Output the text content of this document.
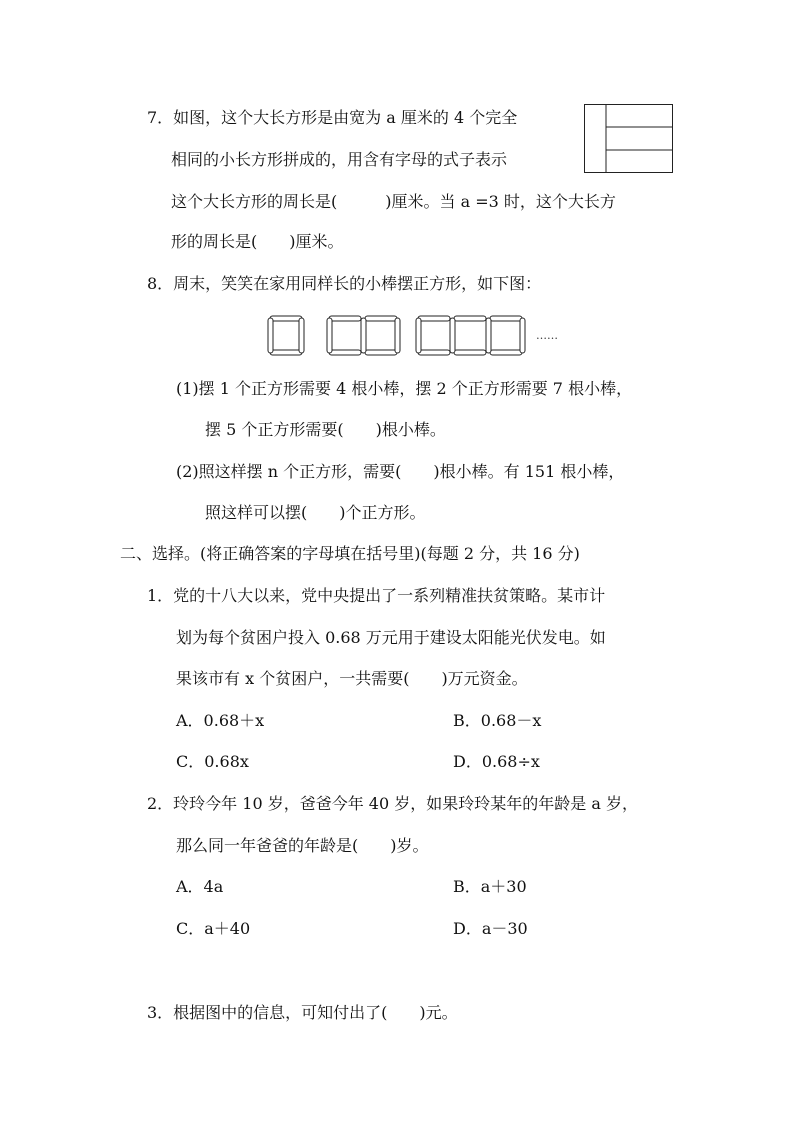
7．如图，这个大长方形是由宽为 a 厘米的 4 个完全
相同的小长方形拼成的，用含有字母的式子表示
这个大长方形的周长是(　　　)厘米。当 a =3 时，这个大长方
形的周长是(　　)厘米。
8．周末，笑笑在家用同样长的小棒摆正方形，如下图：
……
(1)摆 1 个正方形需要 4 根小棒，摆 2 个正方形需要 7 根小棒，
摆 5 个正方形需要(　　)根小棒。
(2)照这样摆 n 个正方形，需要(　　)根小棒。有 151 根小棒，
照这样可以摆(　　)个正方形。
二、选择。(将正确答案的字母填在括号里)(每题 2 分，共 16 分)
1．党的十八大以来，党中央提出了一系列精准扶贫策略。某市计
划为每个贫困户投入 0.68 万元用于建设太阳能光伏发电。如
果该市有 x 个贫困户，一共需要(　　)万元资金。
A．0.68＋x	B．0.68－x
C．0.68x	D．0.68÷x
2．玲玲今年 10 岁，爸爸今年 40 岁，如果玲玲某年的年龄是 a 岁，
那么同一年爸爸的年龄是(　　)岁。
A．4a	B．a＋30
C．a＋40	D．a－30
3．根据图中的信息，可知付出了(　　)元。
